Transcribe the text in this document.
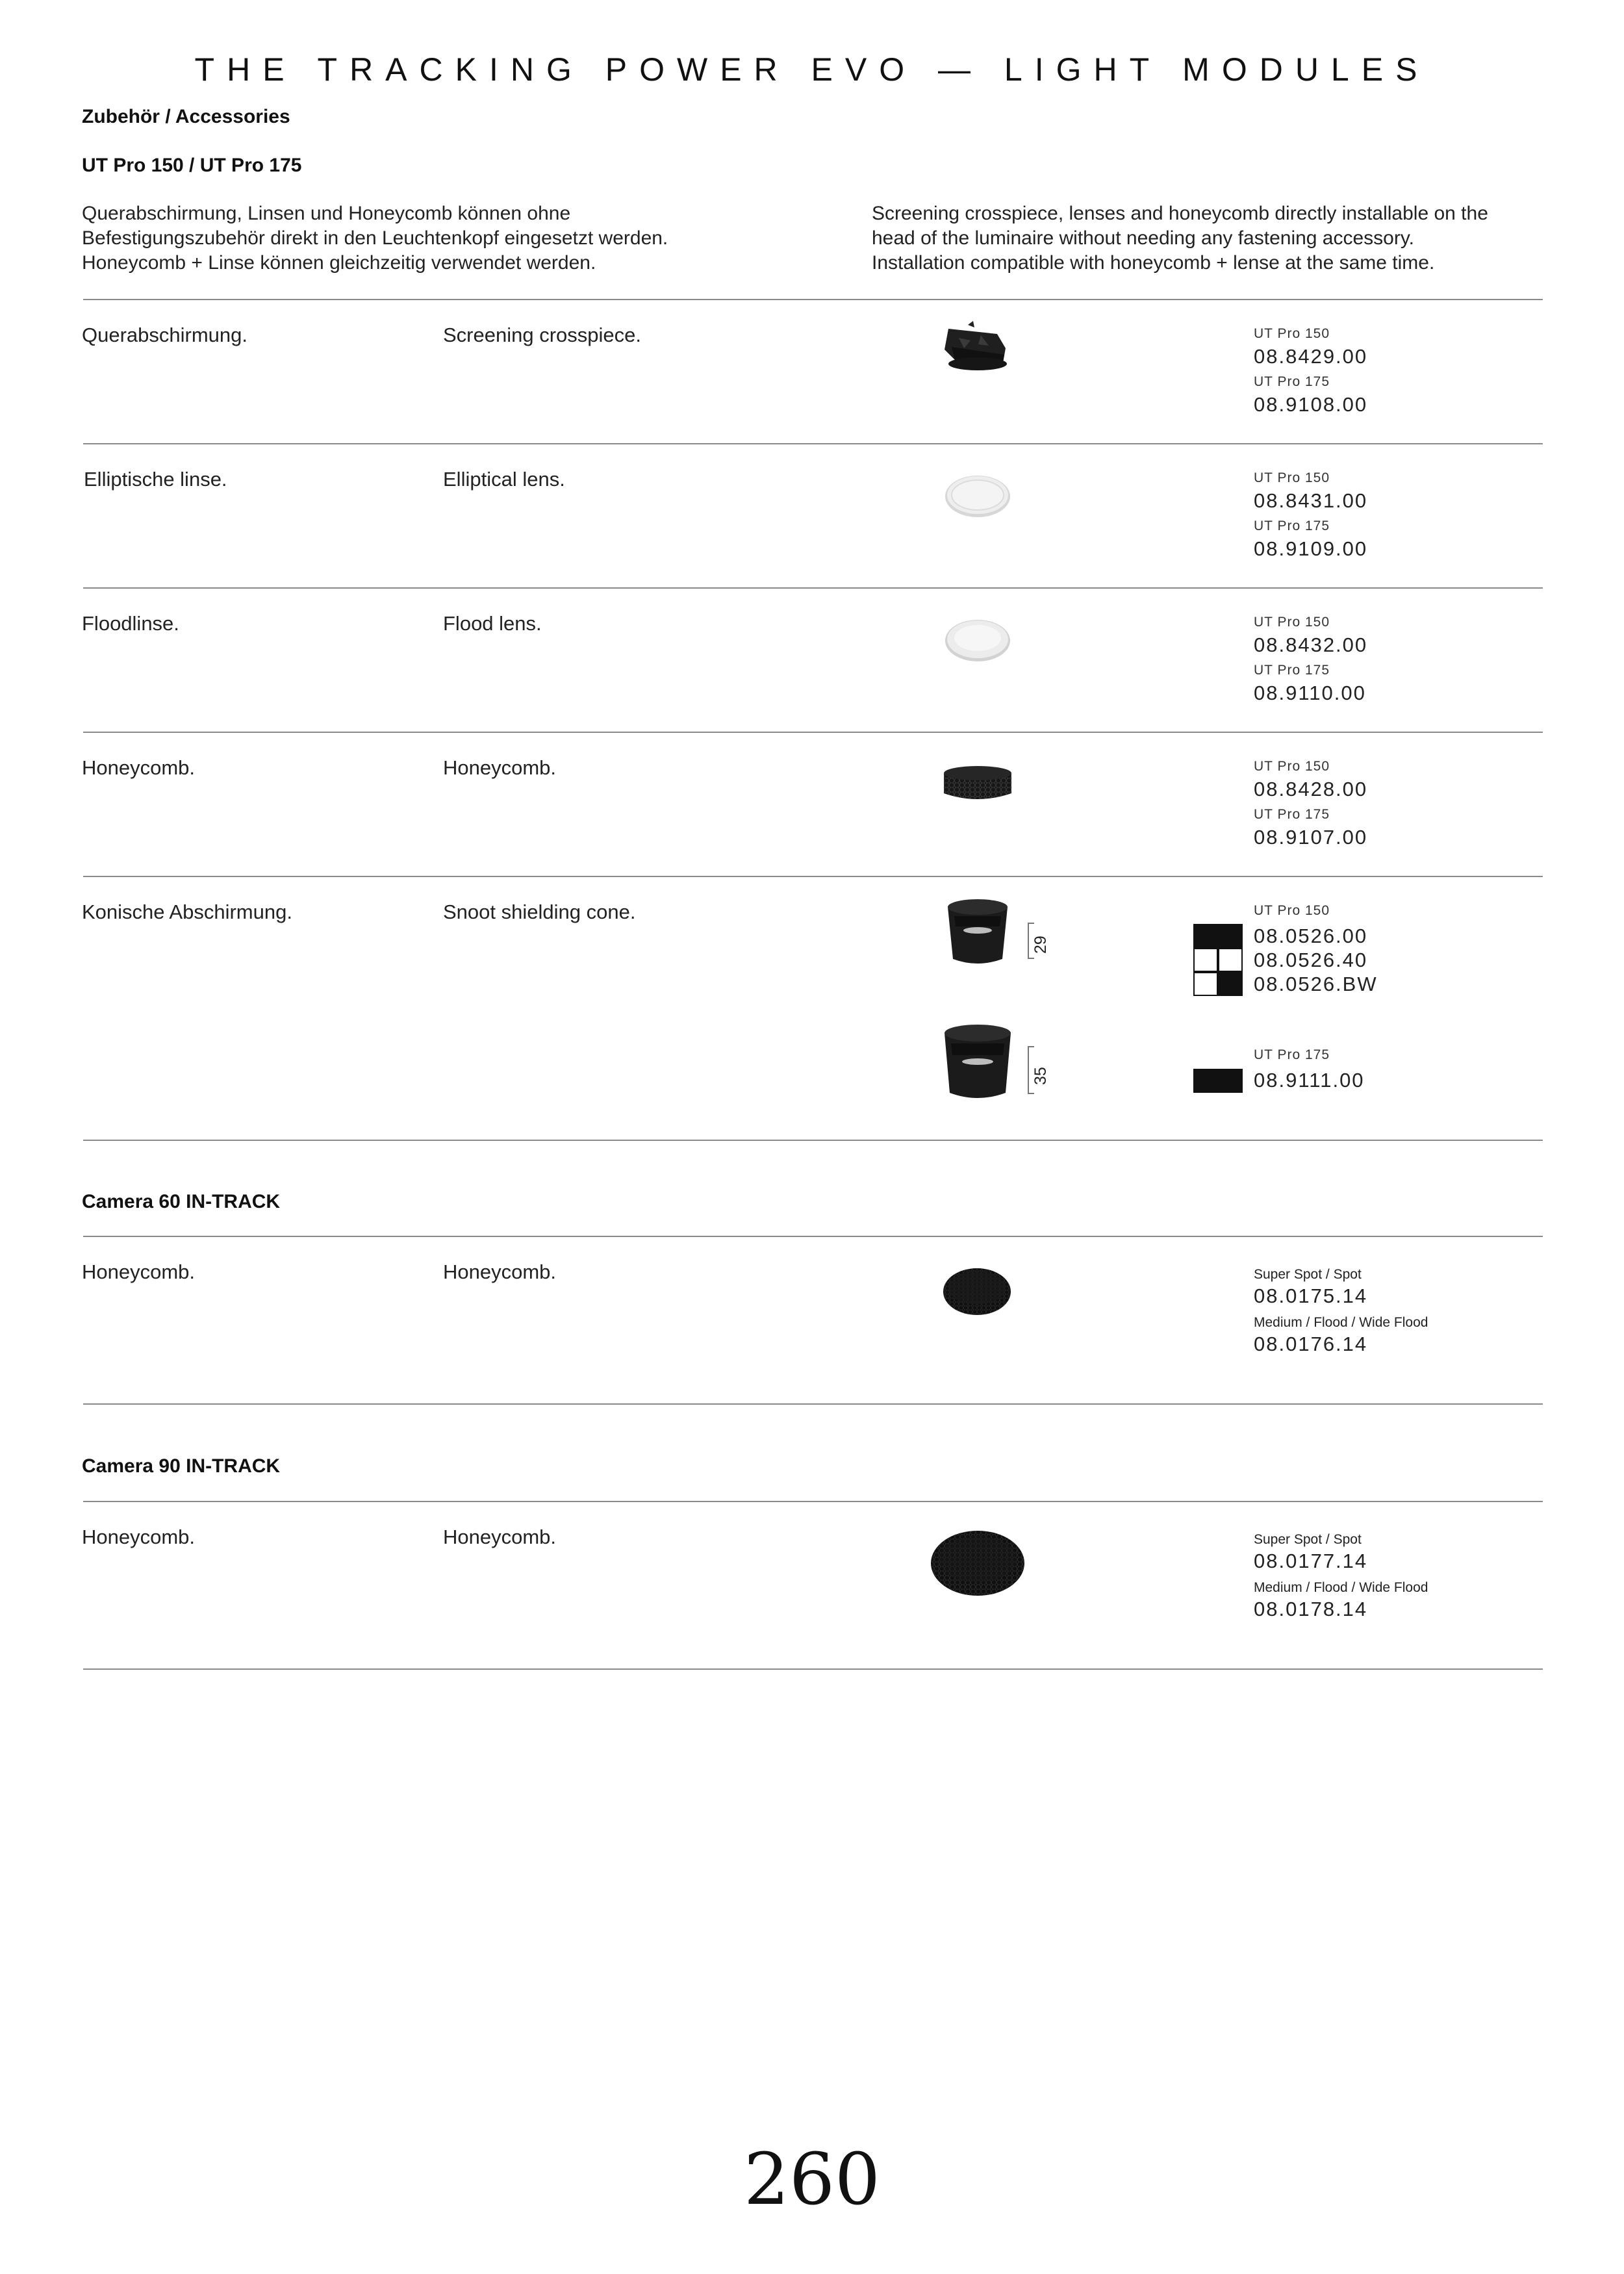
THE TRACKING POWER EVO — LIGHT MODULES
Zubehör / Accessories
UT Pro 150 / UT Pro 175
Querabschirmung, Linsen und Honeycomb können ohne
Befestigungszubehör direkt in den Leuchtenkopf eingesetzt werden.
Honeycomb + Linse können gleichzeitig verwendet werden.
Screening crosspiece, lenses and honeycomb directly installable on the
head of the luminaire without needing any fastening accessory.
Installation compatible with honeycomb + lense at the same time.
Querabschirmung.	Screening crosspiece.	UT Pro 150
08.8429.00
UT Pro 175
08.9108.00
Elliptische linse.	Elliptical lens.	UT Pro 150
08.8431.00
UT Pro 175
08.9109.00
Floodlinse.	Flood lens.	UT Pro 150
08.8432.00
UT Pro 175
08.9110.00
Honeycomb.	Honeycomb.	UT Pro 150
08.8428.00
UT Pro 175
08.9107.00
Konische Abschirmung.	Snoot shielding cone.
29
UT Pro 150
08.0526.00
08.0526.40
08.0526.BW
35
UT Pro 175
08.9111.00
Camera 60 IN-TRACK
Honeycomb.	Honeycomb.	Super Spot / Spot
08.0175.14
Medium / Flood / Wide Flood
08.0176.14
Camera 90 IN-TRACK
Honeycomb.	Honeycomb.	Super Spot / Spot
08.0177.14
Medium / Flood / Wide Flood
08.0178.14
260
